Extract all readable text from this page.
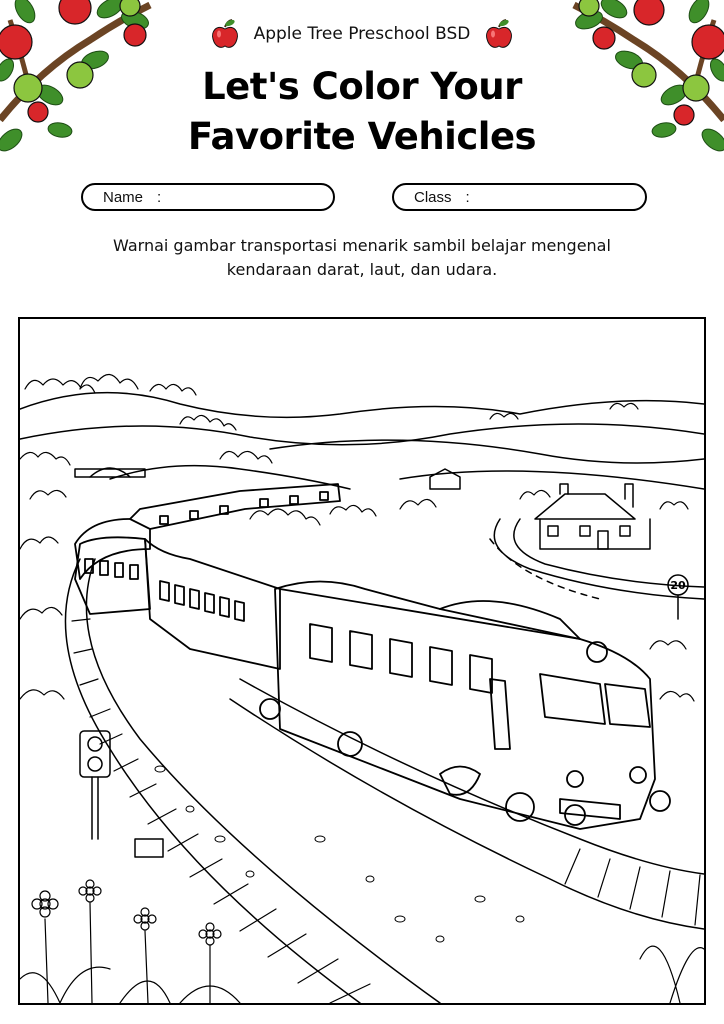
Apple Tree Preschool BSD
Let's Color Your
Favorite Vehicles
Name :	Class :
Warnai gambar transportasi menarik sambil belajar mengenal
kendaraan darat, laut, dan udara.
20
